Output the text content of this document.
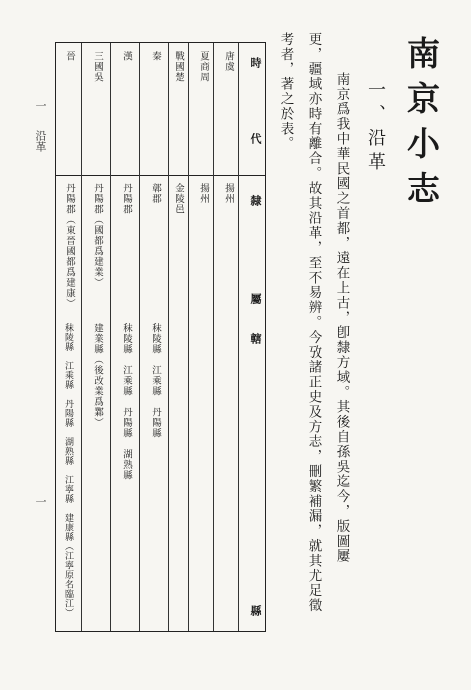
南京小志
一、沿革
南京爲我中華民國之首都，遠在上古，卽隸方域。其後自孫吳迄今，版圖屢
更，疆域亦時有離合。故其沿革，至不易辨。今攷諸正史及方志，刪繁補漏，就其尤足徵
考者，著之於表。
一
沿革
一
時
代
隸
屬
轄
縣
唐虞
揚州
夏商周
揚州
戰國楚
金陵邑
秦
鄣郡
秣陵縣　江乘縣　丹陽縣
漢
丹陽郡
秣陵縣　江乘縣　丹陽縣　湖熟縣
三國吳
丹陽郡（國都爲建業）
建業縣（後改業爲鄴）
晉
丹陽郡（東晉國都爲建康）
秣陵縣　江乘縣　丹陽縣　湖熟縣　江寧縣　建康縣（江寧原名臨江）
